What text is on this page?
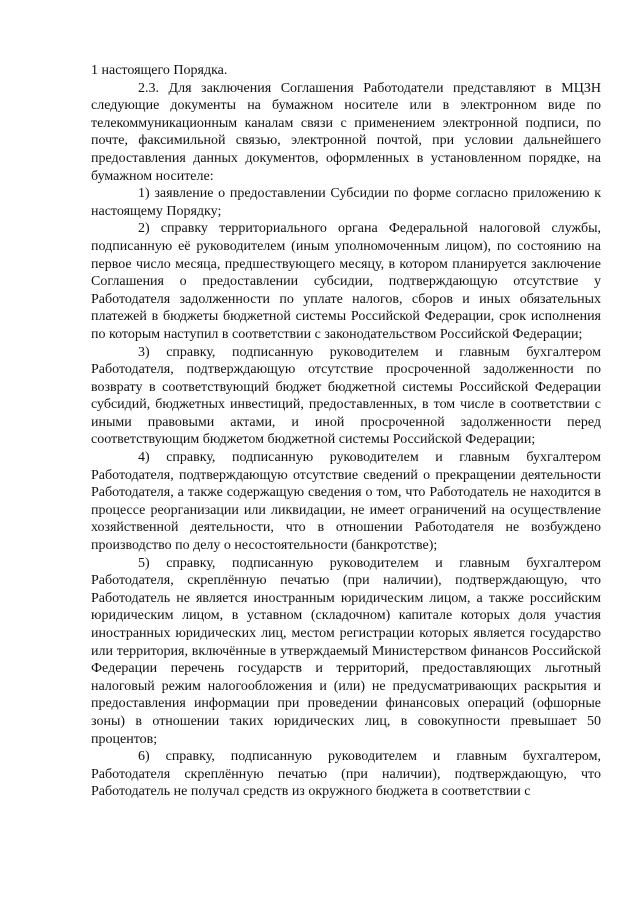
1 настоящего Порядка.

2.3. Для заключения Соглашения Работодатели представляют в МЦЗН следующие документы на бумажном носителе или в электронном виде по телекоммуникационным каналам связи с применением электронной подписи, по почте, факсимильной связью, электронной почтой, при условии дальнейшего предоставления данных документов, оформленных в установленном порядке, на бумажном носителе:

1) заявление о предоставлении Субсидии по форме согласно приложению к настоящему Порядку;

2) справку территориального органа Федеральной налоговой службы, подписанную её руководителем (иным уполномоченным лицом), по состоянию на первое число месяца, предшествующего месяцу, в котором планируется заключение Соглашения о предоставлении субсидии, подтверждающую отсутствие у Работодателя задолженности по уплате налогов, сборов и иных обязательных платежей в бюджеты бюджетной системы Российской Федерации, срок исполнения по которым наступил в соответствии с законодательством Российской Федерации;

3) справку, подписанную руководителем и главным бухгалтером Работодателя, подтверждающую отсутствие просроченной задолженности по возврату в соответствующий бюджет бюджетной системы Российской Федерации субсидий, бюджетных инвестиций, предоставленных, в том числе в соответствии с иными правовыми актами, и иной просроченной задолженности перед соответствующим бюджетом бюджетной системы Российской Федерации;

4) справку, подписанную руководителем и главным бухгалтером Работодателя, подтверждающую отсутствие сведений о прекращении деятельности Работодателя, а также содержащую сведения о том, что Работодатель не находится в процессе реорганизации или ликвидации, не имеет ограничений на осуществление хозяйственной деятельности, что в отношении Работодателя не возбуждено производство по делу о несостоятельности (банкротстве);

5) справку, подписанную руководителем и главным бухгалтером Работодателя, скреплённую печатью (при наличии), подтверждающую, что Работодатель не является иностранным юридическим лицом, а также российским юридическим лицом, в уставном (складочном) капитале которых доля участия иностранных юридических лиц, местом регистрации которых является государство или территория, включённые в утверждаемый Министерством финансов Российской Федерации перечень государств и территорий, предоставляющих льготный налоговый режим налогообложения и (или) не предусматривающих раскрытия и предоставления информации при проведении финансовых операций (офшорные зоны) в отношении таких юридических лиц, в совокупности превышает 50 процентов;

6) справку, подписанную руководителем и главным бухгалтером, Работодателя скреплённую печатью (при наличии), подтверждающую, что Работодатель не получал средств из окружного бюджета в соответствии с
